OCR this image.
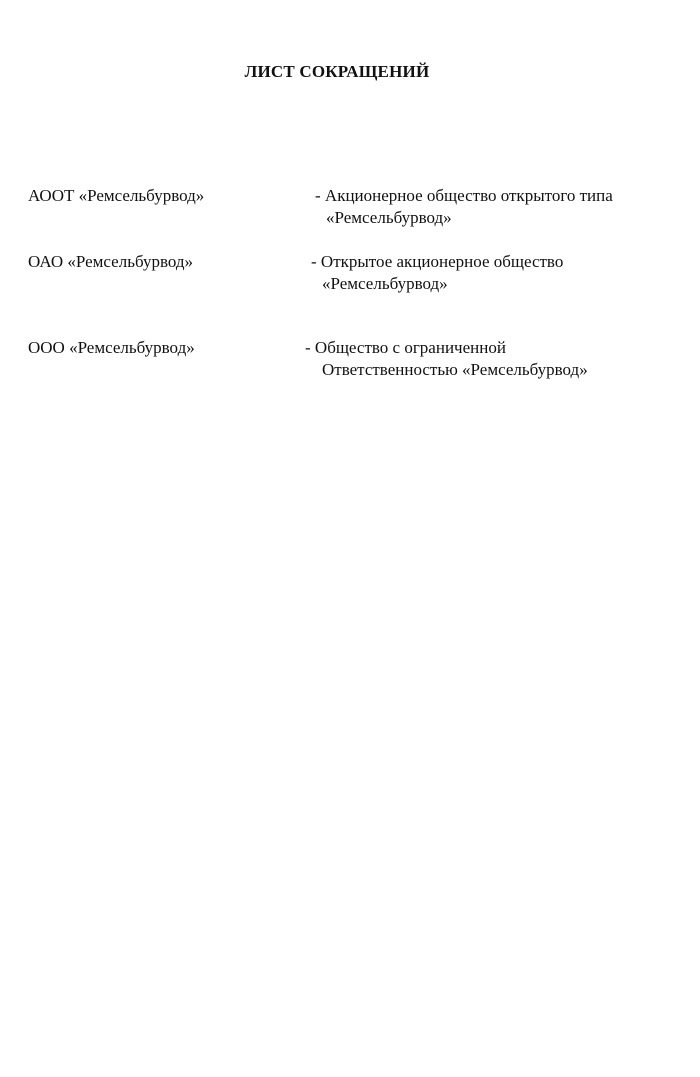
ЛИСТ СОКРАЩЕНИЙ
АООТ «Ремсельбурвод»	- Акционерное общество открытого типа
«Ремсельбурвод»
ОАО «Ремсельбурвод»	- Открытое акционерное общество
«Ремсельбурвод»
ООО «Ремсельбурвод»	- Общество с ограниченной
Ответственностью «Ремсельбурвод»
